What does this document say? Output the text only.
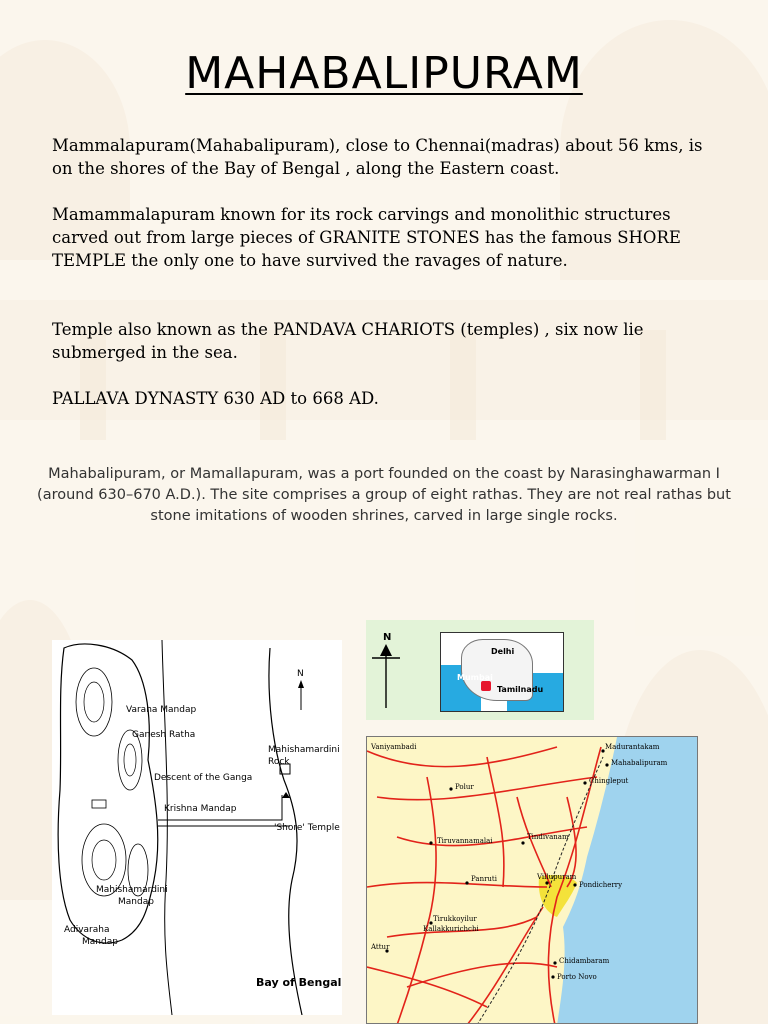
MAHABALIPURAM

Mammalapuram(Mahabalipuram), close to Chennai(madras) about 56 kms, is on the shores of the Bay of Bengal , along the Eastern coast.

Mamammalapuram known for its rock carvings and monolithic structures carved out from large pieces of GRANITE STONES has the famous SHORE TEMPLE the only one to have survived the ravages of nature.

Temple also known as the PANDAVA CHARIOTS (temples) , six now lie submerged in the sea.

PALLAVA DYNASTY 630 AD to 668 AD.

Mahabalipuram, or Mamallapuram, was a port founded on the coast by Narasinghawarman I (around 630–670 A.D.). The site comprises a group of eight rathas. They are not real rathas but stone imitations of wooden shrines, carved in large single rocks.

N
Varaha Mandap
Ganesh Ratha
Descent of the Ganga
Krishna Mandap
Mahishamardini
Rock
'Shore' Temple
Mahishamardini
Mandap
Adivaraha
Mandap
Bay of Bengal
N
Delhi
Mumbai
Tamilnadu
Vaniyambadi	Madurantakam
Mahabalipuram
Chingleput
Polur
Tiruvannamalai	Tindivanam
Panruti	Villupuram
Pondicherry
Tirukkoyilur
Kallakkurichchi
Attur
Chidambaram
Porto Novo
